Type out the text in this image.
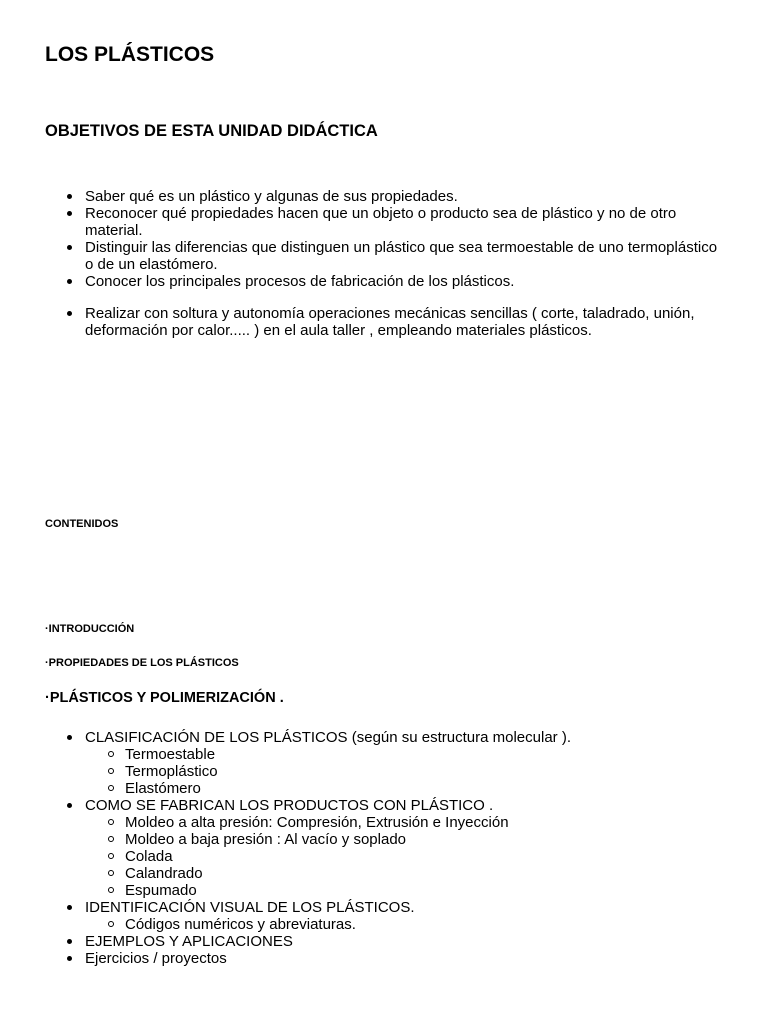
LOS PLÁSTICOS
OBJETIVOS DE ESTA UNIDAD DIDÁCTICA
Saber qué es un plástico y algunas de sus propiedades.
Reconocer qué propiedades hacen que un objeto o producto sea de plástico y no de otro material.
Distinguir las diferencias que distinguen un plástico que sea termoestable de uno termoplástico o de un elastómero.
Conocer los principales procesos de fabricación de los plásticos.
Realizar con soltura y autonomía operaciones mecánicas sencillas ( corte, taladrado, unión, deformación por calor..... ) en el aula taller , empleando materiales plásticos.
CONTENIDOS
·INTRODUCCIÓN
·PROPIEDADES DE LOS PLÁSTICOS
·PLÁSTICOS Y POLIMERIZACIÓN .
CLASIFICACIÓN DE LOS PLÁSTICOS (según su estructura molecular ).
Termoestable
Termoplástico
Elastómero
COMO SE FABRICAN LOS PRODUCTOS CON PLÁSTICO .
Moldeo a alta presión: Compresión, Extrusión e Inyección
Moldeo a baja presión : Al vacío y soplado
Colada
Calandrado
Espumado
IDENTIFICACIÓN VISUAL DE LOS PLÁSTICOS.
Códigos numéricos y abreviaturas.
EJEMPLOS Y APLICACIONES
Ejercicios / proyectos
